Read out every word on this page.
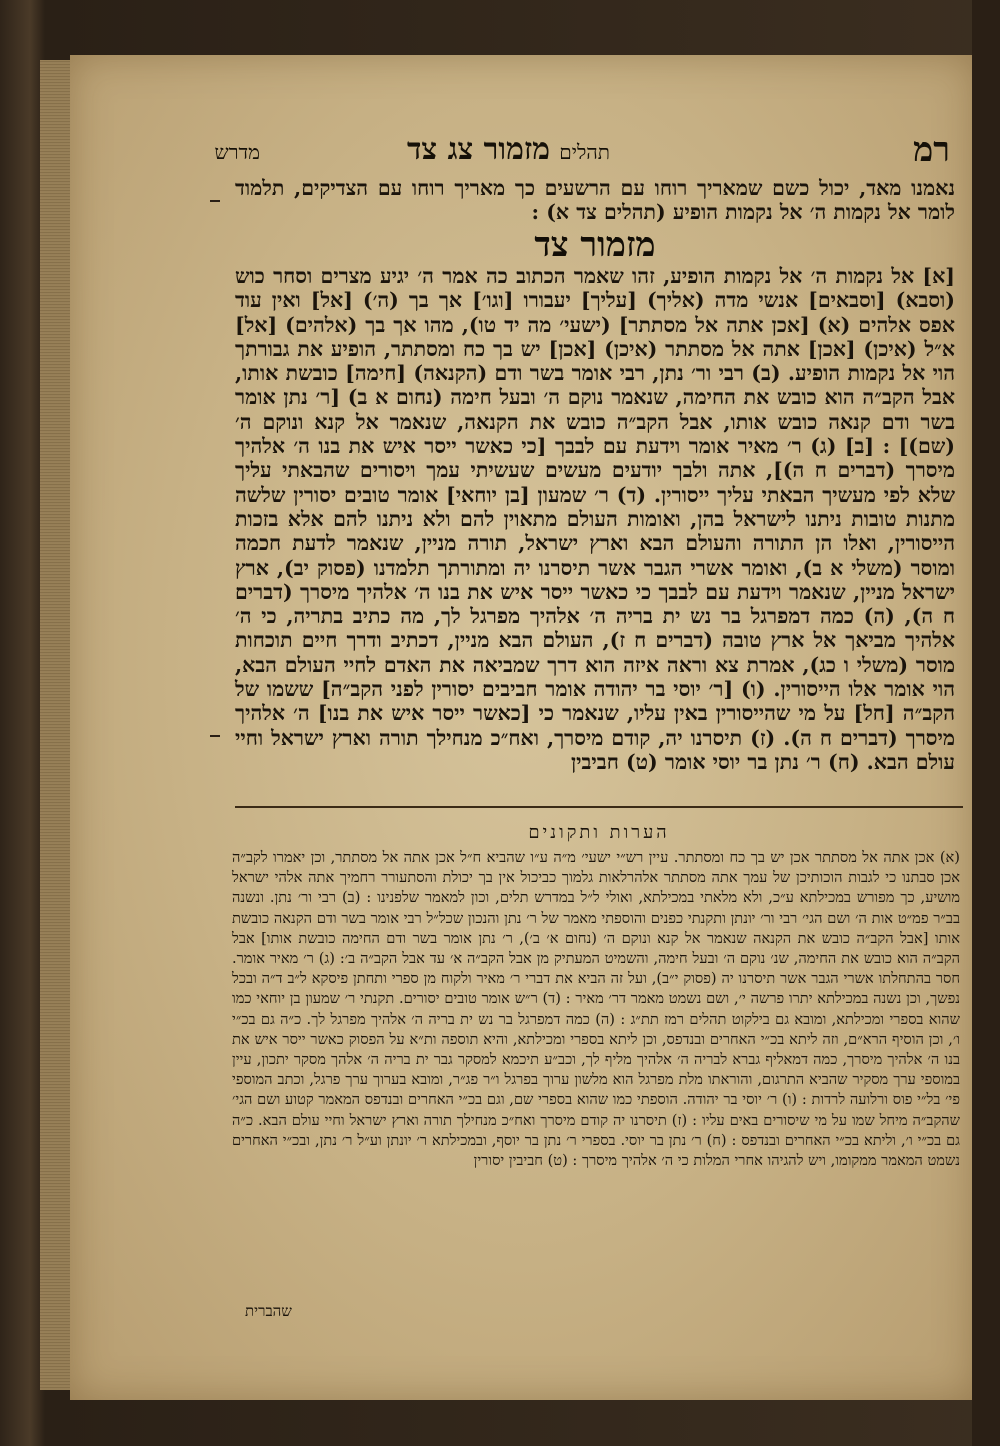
רמ
תהלים
מזמור צג צד
מדרש
נאמנו מאד, יכול כשם שמאריך רוחו עם הרשעים כך מאריך רוחו עם הצדיקים, תלמוד לומר אל נקמות ה׳ אל נקמות הופיע (תהלים צד א) :
מזמור צד
[א] אל נקמות ה׳ אל נקמות הופיע, זהו שאמר הכתוב כה אמר ה׳ יגיע מצרים וסחר כוש (וסבא) [וסבאים] אנשי מדה (אליך) [עליך] יעבורו [וגו׳] אך בך (ה׳) [אל] ואין עוד אפס אלהים (א) [אכן אתה אל מסתתר] (ישעי׳ מה יד טו), מהו אך בך (אלהים) [אל] א״ל (איכן) [אכן] אתה אל מסתתר (איכן) [אכן] יש בך כח ומסתתר, הופיע את גבורתך הוי אל נקמות הופיע. (ב) רבי ור׳ נתן, רבי אומר בשר ודם (הקנאה) [חימה] כובשת אותו, אבל הקב״ה הוא כובש את החימה, שנאמר נוקם ה׳ ובעל חימה (נחום א ב) [ר׳ נתן אומר בשר ודם קנאה כובש אותו, אבל הקב״ה כובש את הקנאה, שנאמר אל קנא ונוקם ה׳ (שם)] : [ב] (ג) ר׳ מאיר אומר וידעת עם לבבך [כי כאשר ייסר איש את בנו ה׳ אלהיך מיסרך (דברים ח ה)], אתה ולבך יודעים מעשים שעשיתי עמך ויסורים שהבאתי עליך שלא לפי מעשיך הבאתי עליך ייסורין. (ד) ר׳ שמעון [בן יוחאי] אומר טובים יסורין שלשה מתנות טובות ניתנו לישראל בהן, ואומות העולם מתאוין להם ולא ניתנו להם אלא בזכות הייסורין, ואלו הן התורה והעולם הבא וארץ ישראל, תורה מניין, שנאמר לדעת חכמה ומוסר (משלי א ב), ואומר אשרי הגבר אשר תיסרנו יה ומתורתך תלמדנו (פסוק יב), ארץ ישראל מניין, שנאמר וידעת עם לבבך כי כאשר ייסר איש את בנו ה׳ אלהיך מיסרך (דברים ח ה), (ה) כמה דמפרגל בר נש ית בריה ה׳ אלהיך מפרגל לך, מה כתיב בתריה, כי ה׳ אלהיך מביאך אל ארץ טובה (דברים ח ז), העולם הבא מניין, דכתיב ודרך חיים תוכחות מוסר (משלי ו כג), אמרת צא וראה איזה הוא דרך שמביאה את האדם לחיי העולם הבא, הוי אומר אלו הייסורין. (ו) [ר׳ יוסי בר יהודה אומר חביבים יסורין לפני הקב״ה] ששמו של הקב״ה [חל] על מי שהייסורין באין עליו, שנאמר כי [כאשר ייסר איש את בנו] ה׳ אלהיך מיסרך (דברים ח ה). (ז) תיסרנו יה, קודם מיסרך, ואח״כ מנחילך תורה וארץ ישראל וחיי עולם הבא. (ח) ר׳ נתן בר יוסי אומר (ט) חביבין
הערות ותקונים
(א) אכן אתה אל מסתתר אכן יש בך כח ומסתתר. עיין רש״י ישעי׳ מ״ה ע״ו שהביא ח״ל אכן אתה אל מסתתר, וכן יאמרו לקב״ה אכן סבתנו כי לגבות הוכותיכן של עמך אתה מסתתר אלהרלאות גלמוך כביכול אין בך יכולת והסתעורר רחמיך אתה אלהי ישראל מושיע, כך מפורש במכילתא ע״כ, ולא מלאתי במכילתא, ואולי ל״ל במדרש תלים, וכון למאמר שלפנינו : (ב) רבי ור׳ נתן. ונשנה בב״ר פמ״ט אות ה׳ ושם הגי׳ רבי ור׳ יונתן ותקנתי כפנים והוספתי מאמר של ר׳ נתן והנכון שכל״ל רבי אומר בשר ודם הקנאה כובשת אותו [אבל הקב״ה כובש את הקנאה שנאמר אל קנא ונוקם ה׳ (נחום א׳ ב׳), ר׳ נתן אומר בשר ודם החימה כובשת אותו] אבל הקב״ה הוא כובש את החימה, שנ׳ נוקם ה׳ ובעל חימה, והשמיט המעתיק מן אבל הקב״ה א׳ עד אבל הקב״ה ב׳: (ג) ר׳ מאיר אומר. חסר בהתחלתו אשרי הגבר אשר תיסרנו יה (פסוק י״ב), ועל זה הביא את דברי ר׳ מאיר ולקוח מן ספרי ותחתן פיסקא ל״ב ד״ה ובכל נפשך, וכן נשנה במכילתא יתרו פרשה י׳, ושם נשמט מאמר דר׳ מאיר : (ד) ר״ש אומר טובים יסורים. תקנתי ר׳ שמעון בן יוחאי כמו שהוא בספרי ומכילתא, ומובא גם בילקוט תהלים רמז תת״ג : (ה) כמה דמפרגל בר נש ית בריה ה׳ אלהיך מפרגל לך. כ״ה גם בכ״י ו׳, וכן הוסיף הרא״ם, וזה ליתא בכ״י האחרים ובנדפס, וכן ליתא בספרי ומכילתא, והיא תוספה ות״א על הפסוק כאשר ייסר איש את בנו ה׳ אלהיך מיסרך, כמה דמאליף גברא לבריה ה׳ אלהיך מליף לך, וכב״ע תיכמא למסקר גבר ית בריה ה׳ אלהך מסקר יתכון, עיין במוספי ערך מסקיר שהביא התרגום, והוראתו מלת מפרגל הוא מלשון ערוך בפרגל ו״ר פג״ר, ומובא בערוך ערך פרגל, וכתב המוספי פי׳ בל״י פוס ורלועה לרדות : (ו) ר׳ יוסי בר יהודה. הוספתי כמו שהוא בספרי שם, וגם בכ״י האחרים ובנדפס המאמר קטוע ושם הגי׳ שהקב״ה מיחל שמו על מי שיסורים באים עליו : (ז) תיסרנו יה קודם מיסרך ואח״כ מנחילך תורה וארץ ישראל וחיי עולם הבא. כ״ה גם בכ״י ו׳, וליתא בכ״י האחרים ובנדפס : (ח) ר׳ נתן בר יוסי. בספרי ר׳ נתן בר יוסף, ובמכילתא ר׳ יונתן וע״ל ר׳ נתן, ובכ״י האחרים נשמט המאמר ממקומו, ויש להגיהו אחרי המלות כי ה׳ אלהיך מיסרך : (ט) חביבין יסורין
שהברית
